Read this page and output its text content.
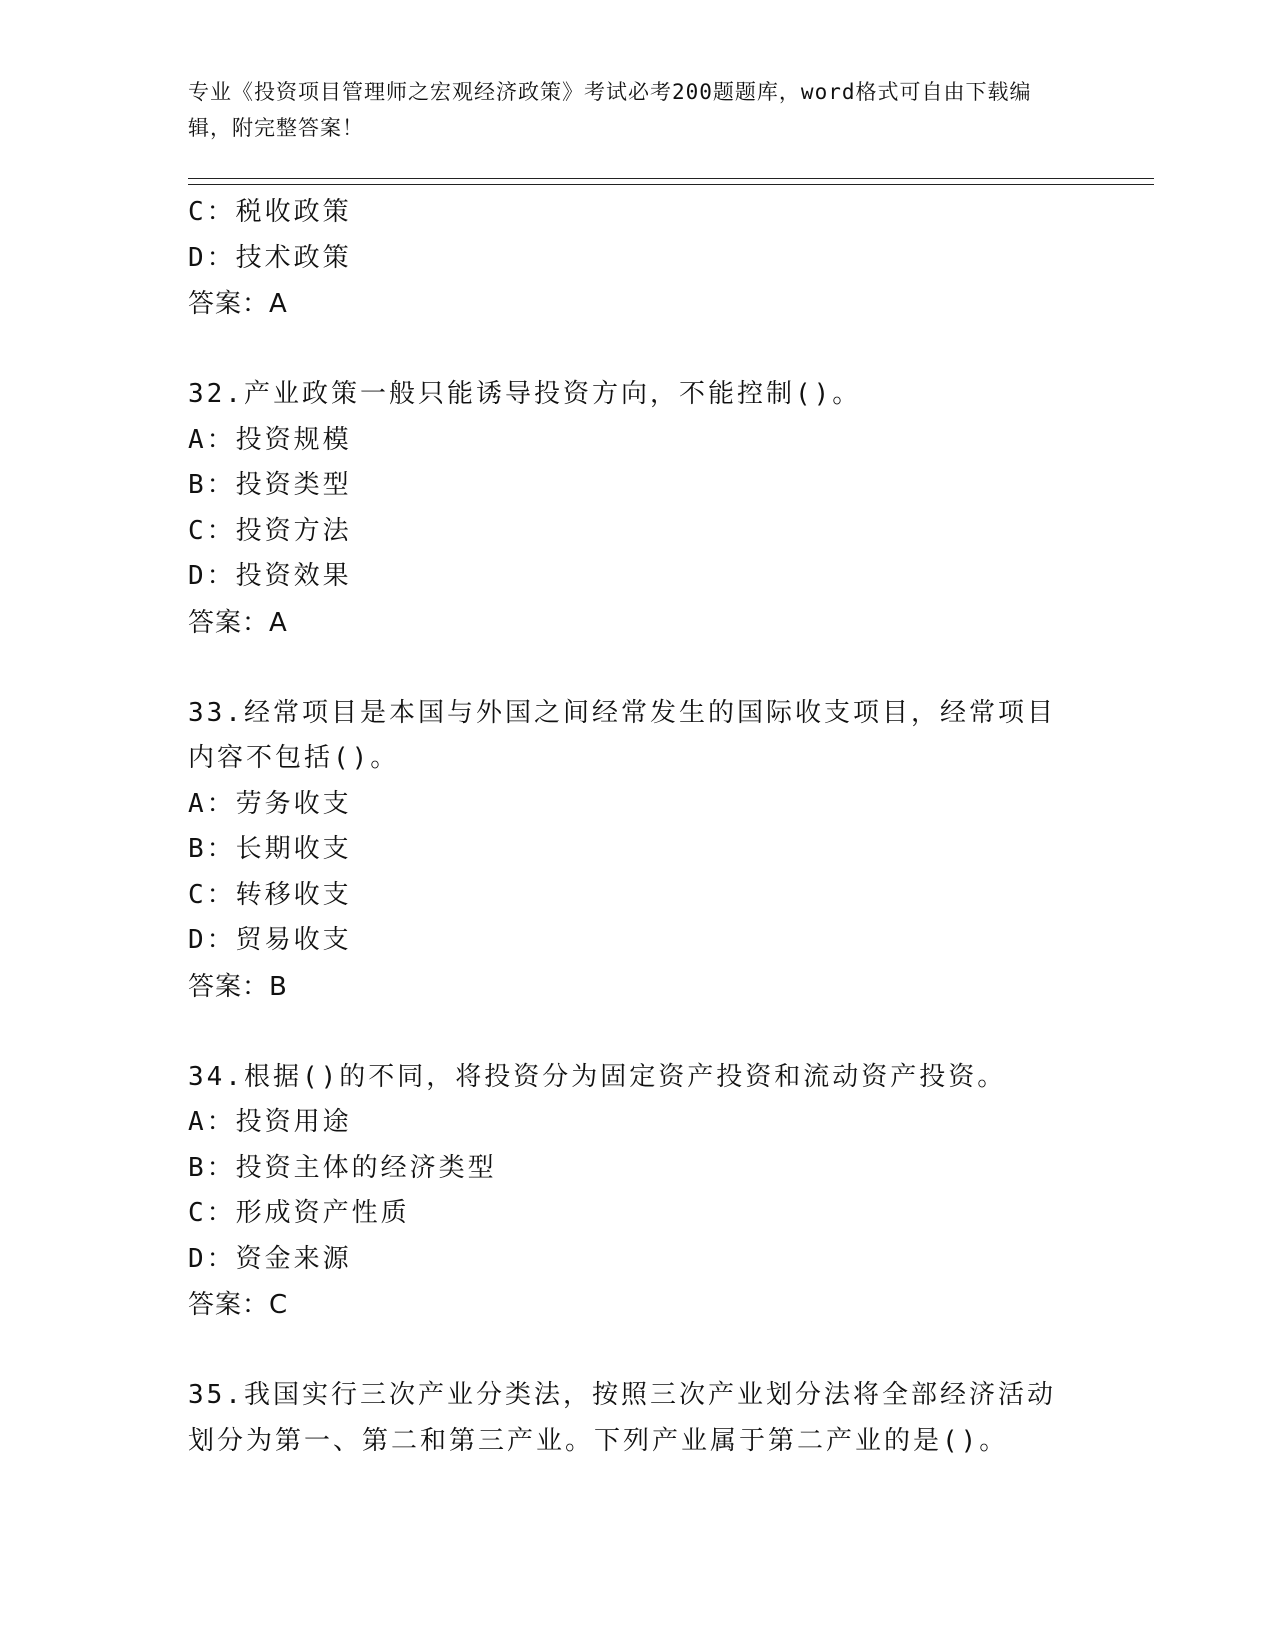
专业《投资项目管理师之宏观经济政策》考试必考200题题库，word格式可自由下载编辑，附完整答案！
C：税收政策
D：技术政策
答案：A
32.产业政策一般只能诱导投资方向，不能控制()。
A：投资规模
B：投资类型
C：投资方法
D：投资效果
答案：A
33.经常项目是本国与外国之间经常发生的国际收支项目，经常项目内容不包括()。
A：劳务收支
B：长期收支
C：转移收支
D：贸易收支
答案：B
34.根据()的不同，将投资分为固定资产投资和流动资产投资。
A：投资用途
B：投资主体的经济类型
C：形成资产性质
D：资金来源
答案：C
35.我国实行三次产业分类法，按照三次产业划分法将全部经济活动划分为第一、第二和第三产业。下列产业属于第二产业的是()。
